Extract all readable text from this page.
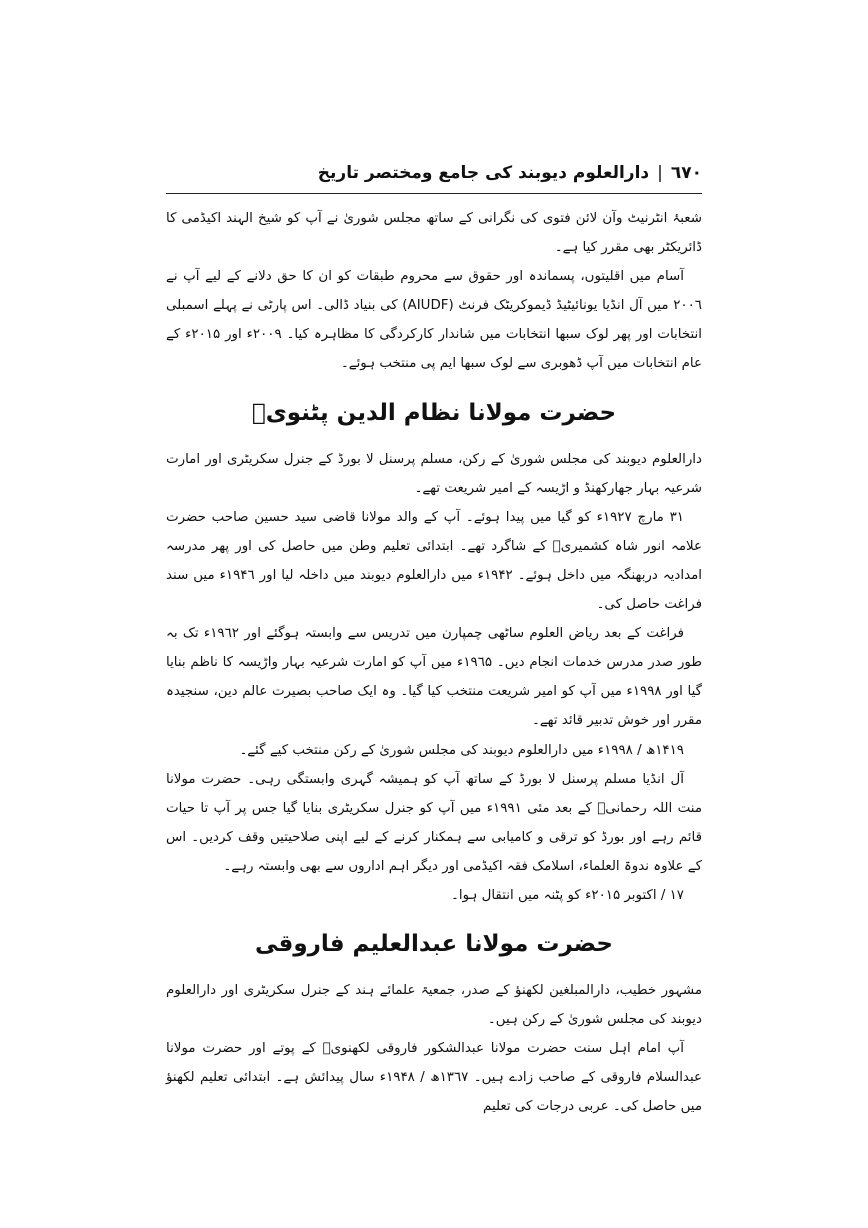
٦٧٠
|
دارالعلوم دیوبند کی جامع ومختصر تاریخ

شعبۂ انٹرنیٹ وآن لائن فتوی کی نگرانی کے ساتھ مجلس شوریٰ نے آپ کو شیخ الہند اکیڈمی کا ڈائریکٹر بھی مقرر کیا ہے۔

آسام میں اقلیتوں، پسماندہ اور حقوق سے محروم طبقات کو ان کا حق دلانے کے لیے آپ نے ۲۰۰٦ میں آل انڈیا یونائیٹیڈ ڈیموکریٹک فرنٹ (AIUDF) کی بنیاد ڈالی۔ اس پارٹی نے پہلے اسمبلی انتخابات اور پھر لوک سبھا انتخابات میں شاندار کارکردگی کا مظاہرہ کیا۔ ۲۰۰۹ء اور ۲۰۱۵ء کے عام انتخابات میں آپ ڈھوبری سے لوک سبھا ایم پی منتخب ہوئے۔

حضرت مولانا نظام الدین پٹنویؒ

دارالعلوم دیوبند کی مجلس شوریٰ کے رکن، مسلم پرسنل لا بورڈ کے جنرل سکریٹری اور امارت شرعیہ بہار جھارکھنڈ و اڑیسہ کے امیر شریعت تھے۔

۳۱ مارچ ۱۹۲۷ء کو گیا میں پیدا ہوئے۔ آپ کے والد مولانا قاضی سید حسین صاحب حضرت علامہ انور شاہ کشمیریؒ کے شاگرد تھے۔ ابتدائی تعلیم وطن میں حاصل کی اور پھر مدرسہ امدادیہ دربھنگہ میں داخل ہوئے۔ ۱۹۴۲ء میں دارالعلوم دیوبند میں داخلہ لیا اور ۱۹۴٦ء میں سند فراغت حاصل کی۔

فراغت کے بعد ریاض العلوم ساٹھی چمپارن میں تدریس سے وابستہ ہوگئے اور ۱۹٦۲ء تک بہ طور صدر مدرس خدمات انجام دیں۔ ۱۹٦۵ء میں آپ کو امارت شرعیہ بہار واڑیسہ کا ناظم بنایا گیا اور ۱۹۹۸ء میں آپ کو امیر شریعت منتخب کیا گیا۔ وہ ایک صاحب بصیرت عالم دین، سنجیدہ مقرر اور خوش تدبیر قائد تھے۔

۱۴۱۹ھ / ۱۹۹۸ء میں دارالعلوم دیوبند کی مجلس شوریٰ کے رکن منتخب کیے گئے۔

آل انڈیا مسلم پرسنل لا بورڈ کے ساتھ آپ کو ہمیشہ گہری وابستگی رہی۔ حضرت مولانا منت اللہ رحمانیؒ کے بعد مئی ۱۹۹۱ء میں آپ کو جنرل سکریٹری بنایا گیا جس پر آپ تا حیات قائم رہے اور بورڈ کو ترقی و کامیابی سے ہمکنار کرنے کے لیے اپنی صلاحیتیں وقف کردیں۔ اس کے علاوہ ندوۃ العلماء، اسلامک فقہ اکیڈمی اور دیگر اہم اداروں سے بھی وابستہ رہے۔

۱۷ / اکتوبر ۲۰۱۵ء کو پٹنہ میں انتقال ہوا۔

حضرت مولانا عبدالعلیم فاروقی

مشہور خطیب، دارالمبلغین لکھنؤ کے صدر، جمعیۃ علمائے ہند کے جنرل سکریٹری اور دارالعلوم دیوبند کی مجلس شوریٰ کے رکن ہیں۔

آپ امام اہل سنت حضرت مولانا عبدالشکور فاروقی لکھنویؒ کے پوتے اور حضرت مولانا عبدالسلام فاروقی کے صاحب زادے ہیں۔ ۱۳٦۷ھ / ۱۹۴۸ء سال پیدائش ہے۔ ابتدائی تعلیم لکھنؤ میں حاصل کی۔ عربی درجات کی تعلیم
